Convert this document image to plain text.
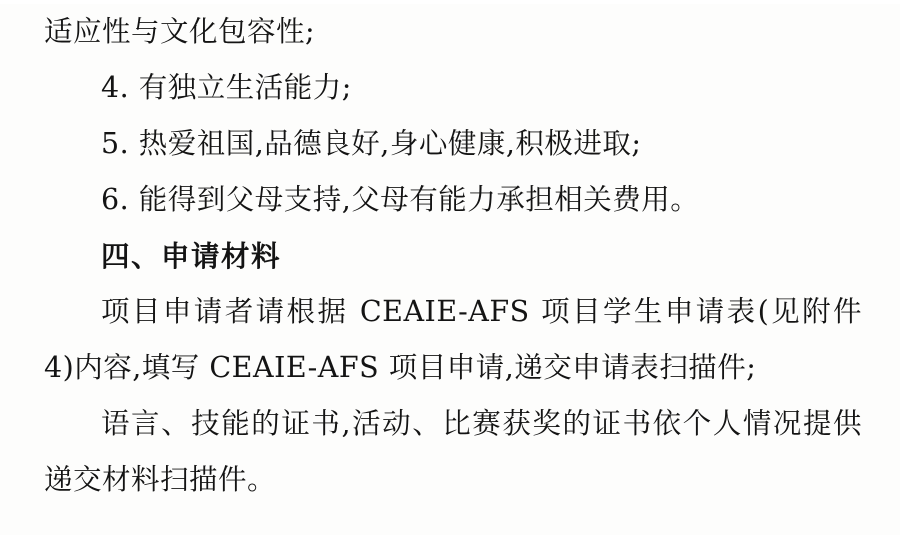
适应性与文化包容性;

4. 有独立生活能力;

5. 热爱祖国,品德良好,身心健康,积极进取;

6. 能得到父母支持,父母有能力承担相关费用。

四、申请材料

项目申请者请根据 CEAIE-AFS 项目学生申请表(见附件 4)内容,填写 CEAIE-AFS 项目申请,递交申请表扫描件;

语言、技能的证书,活动、比赛获奖的证书依个人情况提供递交材料扫描件。
